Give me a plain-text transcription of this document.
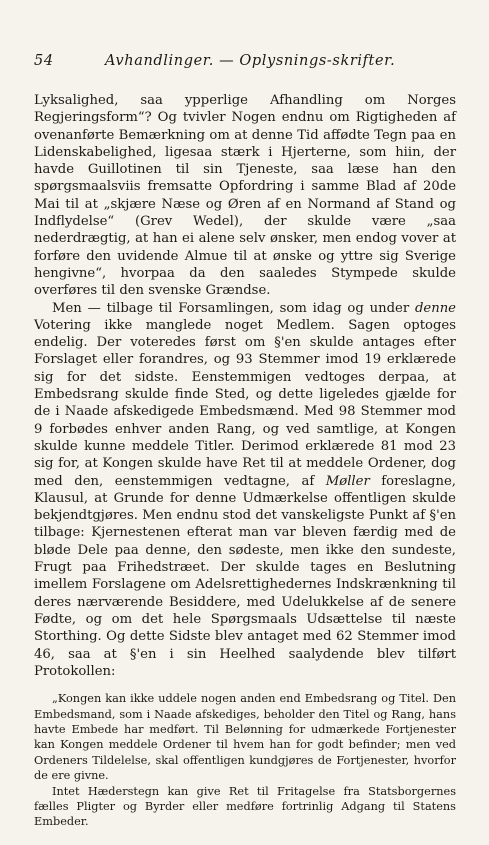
54	Avhandlinger. — Oplysnings-skrifter.

Lyksalighed, saa ypperlige Afhandling om Norges Regjeringsform“? Og tvivler Nogen endnu om Rigtigheden af ovenanførte Bemærkning om at denne Tid affødte Tegn paa en Lidenskabelighed, ligesaa stærk i Hjerterne, som hiin, der havde Guillotinen til sin Tjeneste, saa læse han den spørgsmaalsviis fremsatte Opfordring i samme Blad af 20de Mai til at „skjære Næse og Øren af en Normand af Stand og Indflydelse“ (Grev Wedel), der skulde være „saa nederdrægtig, at han ei alene selv ønsker, men endog vover at forføre den uvidende Almue til at ønske og yttre sig Sverige hengivne“, hvorpaa da den saaledes Stympede skulde overføres til den svenske Grændse.

Men — tilbage til Forsamlingen, som idag og under denne Votering ikke manglede noget Medlem. Sagen optoges endelig. Der voteredes først om §'en skulde antages efter Forslaget eller forandres, og 93 Stemmer imod 19 erklærede sig for det sidste. Eenstemmigen vedtoges derpaa, at Embedsrang skulde finde Sted, og dette ligeledes gjælde for de i Naade afskedigede Embedsmænd. Med 98 Stemmer mod 9 forbødes enhver anden Rang, og ved samtlige, at Kongen skulde kunne meddele Titler. Derimod erklærede 81 mod 23 sig for, at Kongen skulde have Ret til at meddele Ordener, dog med den, eenstemmigen vedtagne, af Møller foreslagne, Klausul, at Grunde for denne Udmærkelse offentligen skulde bekjendtgjøres. Men endnu stod det vanskeligste Punkt af §'en tilbage: Kjernestenen efterat man var bleven færdig med de bløde Dele paa denne, den sødeste, men ikke den sundeste, Frugt paa Frihedstræet. Der skulde tages en Beslutning imellem Forslagene om Adelsrettighedernes Indskrænkning til deres nærværende Besiddere, med Udelukkelse af de senere Fødte, og om det hele Spørgsmaals Udsættelse til næste Storthing. Og dette Sidste blev antaget med 62 Stemmer imod 46, saa at §'en i sin Heelhed saalydende blev tilført Protokollen:

„Kongen kan ikke uddele nogen anden end Embedsrang og Titel. Den Embedsmand, som i Naade afskediges, beholder den Titel og Rang, hans havte Embede har medført. Til Belønning for udmærkede Fortjenester kan Kongen meddele Ordener til hvem han for godt befinder; men ved Ordeners Tildelelse, skal offentligen kundgjøres de Fortjenester, hvorfor de ere givne.

Intet Hæderstegn kan give Ret til Fritagelse fra Statsborgernes fælles Pligter og Byrder eller medføre fortrinlig Adgang til Statens Embeder.
